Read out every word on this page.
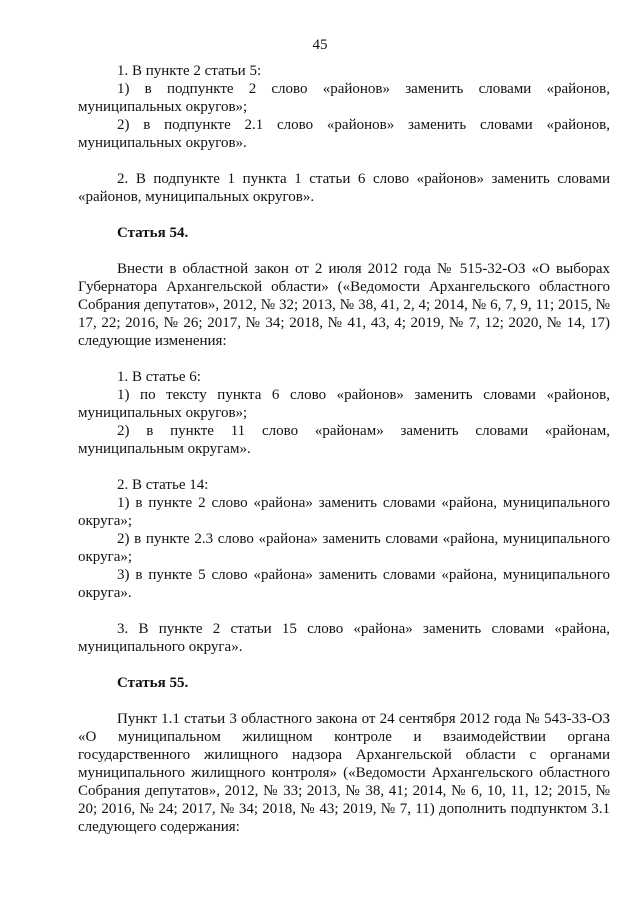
45

1. В пункте 2 статьи 5:

1) в подпункте 2 слово «районов» заменить словами «районов, муниципальных округов»;

2) в подпункте 2.1 слово «районов» заменить словами «районов, муниципальных округов».

2. В подпункте 1 пункта 1 статьи 6 слово «районов» заменить словами «районов, муниципальных округов».

Статья 54.

Внести в областной закон от 2 июля 2012 года № 515-32-ОЗ «О выборах Губернатора Архангельской области» («Ведомости Архангельского областного Собрания депутатов», 2012, № 32; 2013, № 38, 41, 2, 4; 2014, № 6, 7, 9, 11; 2015, № 17, 22; 2016, № 26; 2017, № 34; 2018, № 41, 43, 4; 2019, № 7, 12; 2020, № 14, 17) следующие изменения:

1. В статье 6:

1) по тексту пункта 6 слово «районов» заменить словами «районов, муниципальных округов»;

2) в пункте 11 слово «районам» заменить словами «районам, муниципальным округам».

2. В статье 14:

1) в пункте 2 слово «района» заменить словами «района, муниципального округа»;

2) в пункте 2.3 слово «района» заменить словами «района, муниципального округа»;

3) в пункте 5 слово «района» заменить словами «района, муниципального округа».

3. В пункте 2 статьи 15 слово «района» заменить словами «района, муниципального округа».

Статья 55.

Пункт 1.1 статьи 3 областного закона от 24 сентября 2012 года № 543-33-ОЗ «О муниципальном жилищном контроле и взаимодействии органа государственного жилищного надзора Архангельской области с органами муниципального жилищного контроля» («Ведомости Архангельского областного Собрания депутатов», 2012, № 33; 2013, № 38, 41; 2014, № 6, 10, 11, 12; 2015, № 20; 2016, № 24; 2017, № 34; 2018, № 43; 2019, № 7, 11) дополнить подпунктом 3.1 следующего содержания:
